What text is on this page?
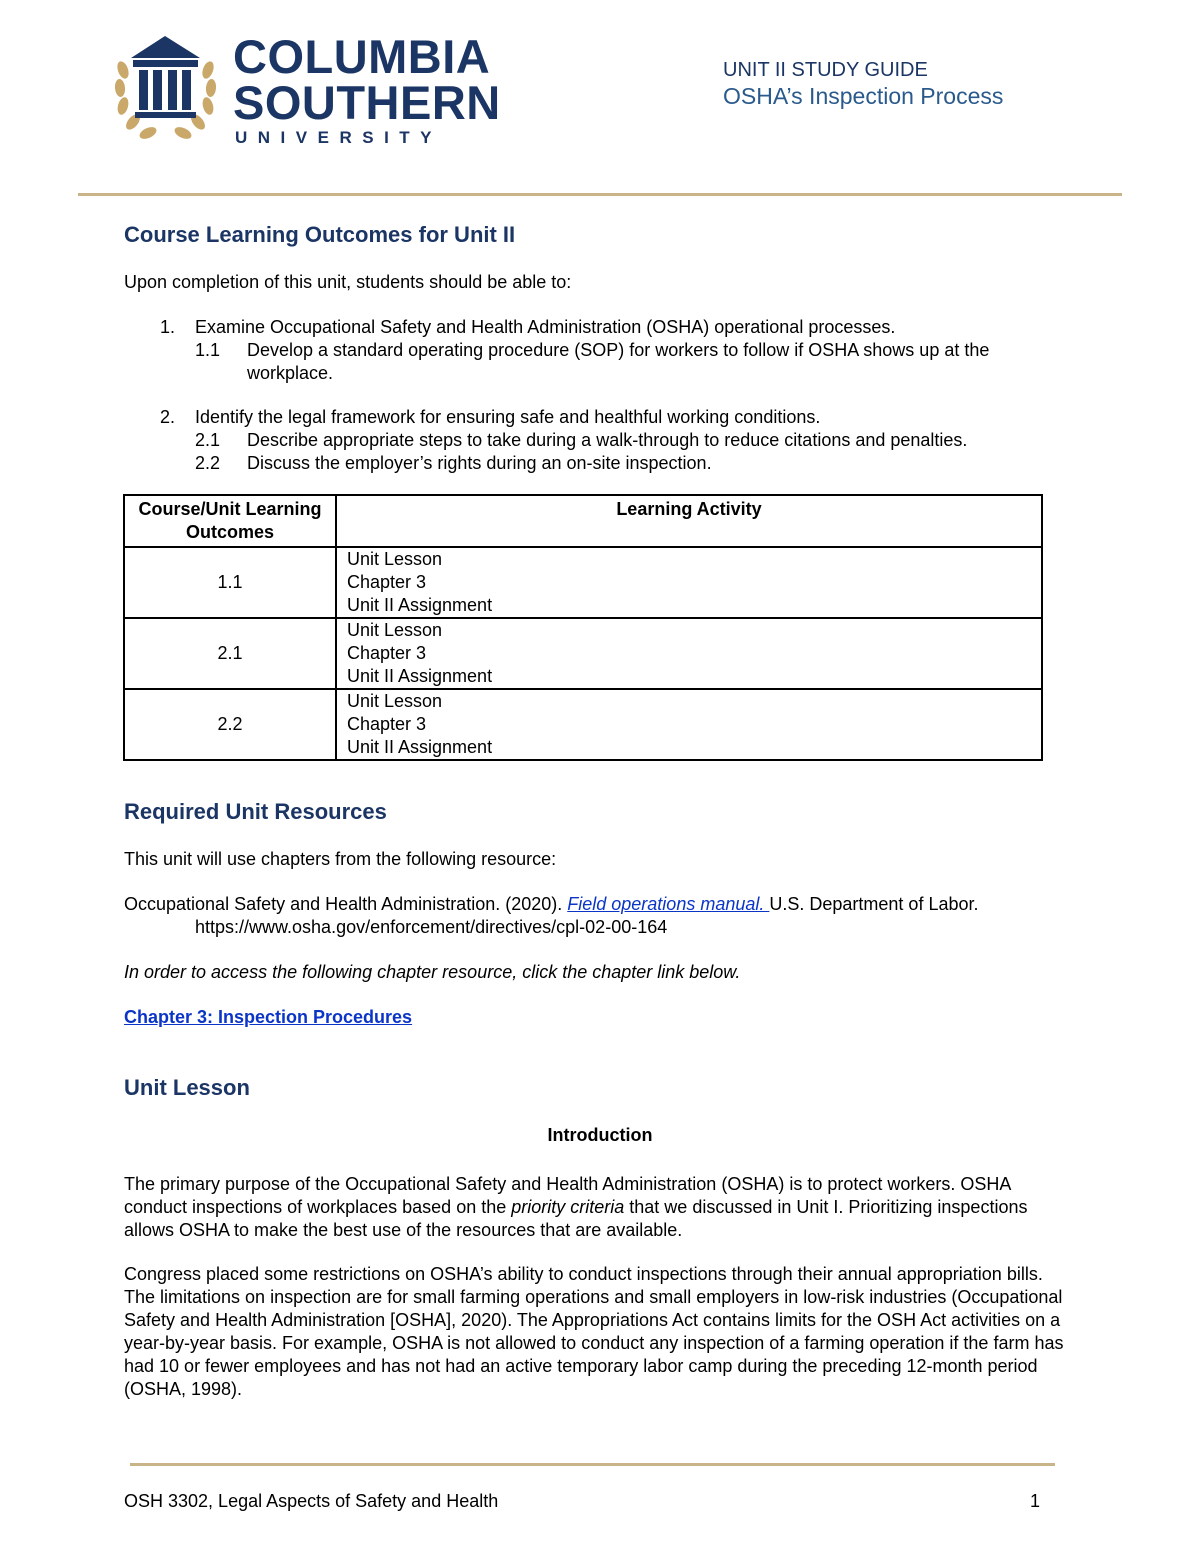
COLUMBIA
SOUTHERN
UNIVERSITY
UNIT II STUDY GUIDE
OSHA’s Inspection Process
Course Learning Outcomes for Unit II
Upon completion of this unit, students should be able to:
1.	Examine Occupational Safety and Health Administration (OSHA) operational processes.
1.1 Develop a standard operating procedure (SOP) for workers to follow if OSHA shows up at the workplace.
2.	Identify the legal framework for ensuring safe and healthful working conditions.
2.1 Describe appropriate steps to take during a walk-through to reduce citations and penalties.
2.2 Discuss the employer’s rights during an on-site inspection.
Course/Unit Learning Outcomes	Learning Activity
1.1	Unit Lesson
Chapter 3
Unit II Assignment

2.1	Unit Lesson
Chapter 3
Unit II Assignment

2.2	Unit Lesson
Chapter 3
Unit II Assignment
Required Unit Resources
This unit will use chapters from the following resource:
Occupational Safety and Health Administration. (2020). Field operations manual. U.S. Department of Labor.
https://www.osha.gov/enforcement/directives/cpl-02-00-164
In order to access the following chapter resource, click the chapter link below.
Chapter 3: Inspection Procedures
Unit Lesson
Introduction
The primary purpose of the Occupational Safety and Health Administration (OSHA) is to protect workers. OSHA conduct inspections of workplaces based on the priority criteria that we discussed in Unit I. Prioritizing inspections allows OSHA to make the best use of the resources that are available.
Congress placed some restrictions on OSHA’s ability to conduct inspections through their annual appropriation bills. The limitations on inspection are for small farming operations and small employers in low-risk industries (Occupational Safety and Health Administration [OSHA], 2020). The Appropriations Act contains limits for the OSH Act activities on a year-by-year basis. For example, OSHA is not allowed to conduct any inspection of a farming operation if the farm has had 10 or fewer employees and has not had an active temporary labor camp during the preceding 12-month period (OSHA, 1998).
OSH 3302, Legal Aspects of Safety and Health	1
